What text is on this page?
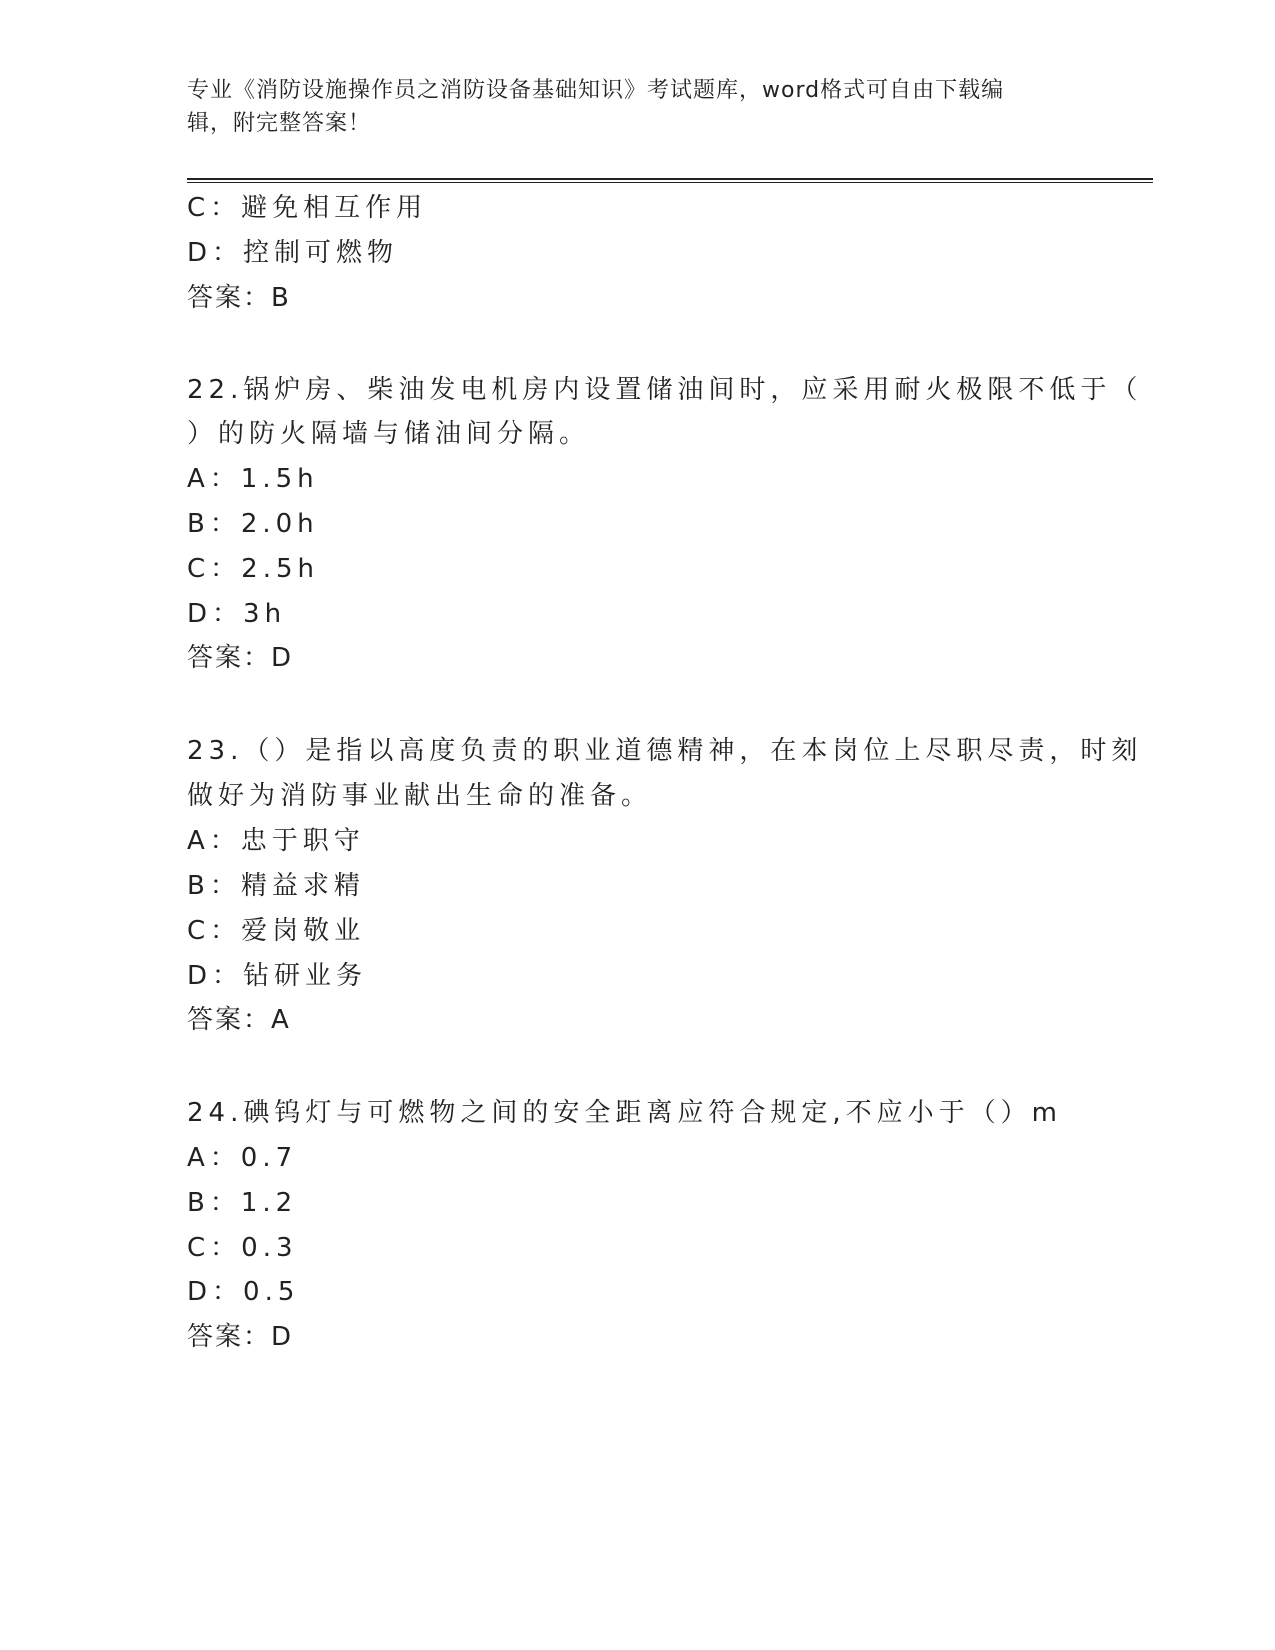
专业《消防设施操作员之消防设备基础知识》考试题库，word格式可自由下载编
辑，附完整答案！
C：避免相互作用
D：控制可燃物
答案：B
22.锅炉房、柴油发电机房内设置储油间时，应采用耐火极限不低于（
）的防火隔墙与储油间分隔。
A：1.5h
B：2.0h
C：2.5h
D：3h
答案：D
23.（）是指以高度负责的职业道德精神，在本岗位上尽职尽责，时刻
做好为消防事业献出生命的准备。
A：忠于职守
B：精益求精
C：爱岗敬业
D：钻研业务
答案：A
24.碘钨灯与可燃物之间的安全距离应符合规定,不应小于（）m
A：0.7
B：1.2
C：0.3
D：0.5
答案：D
